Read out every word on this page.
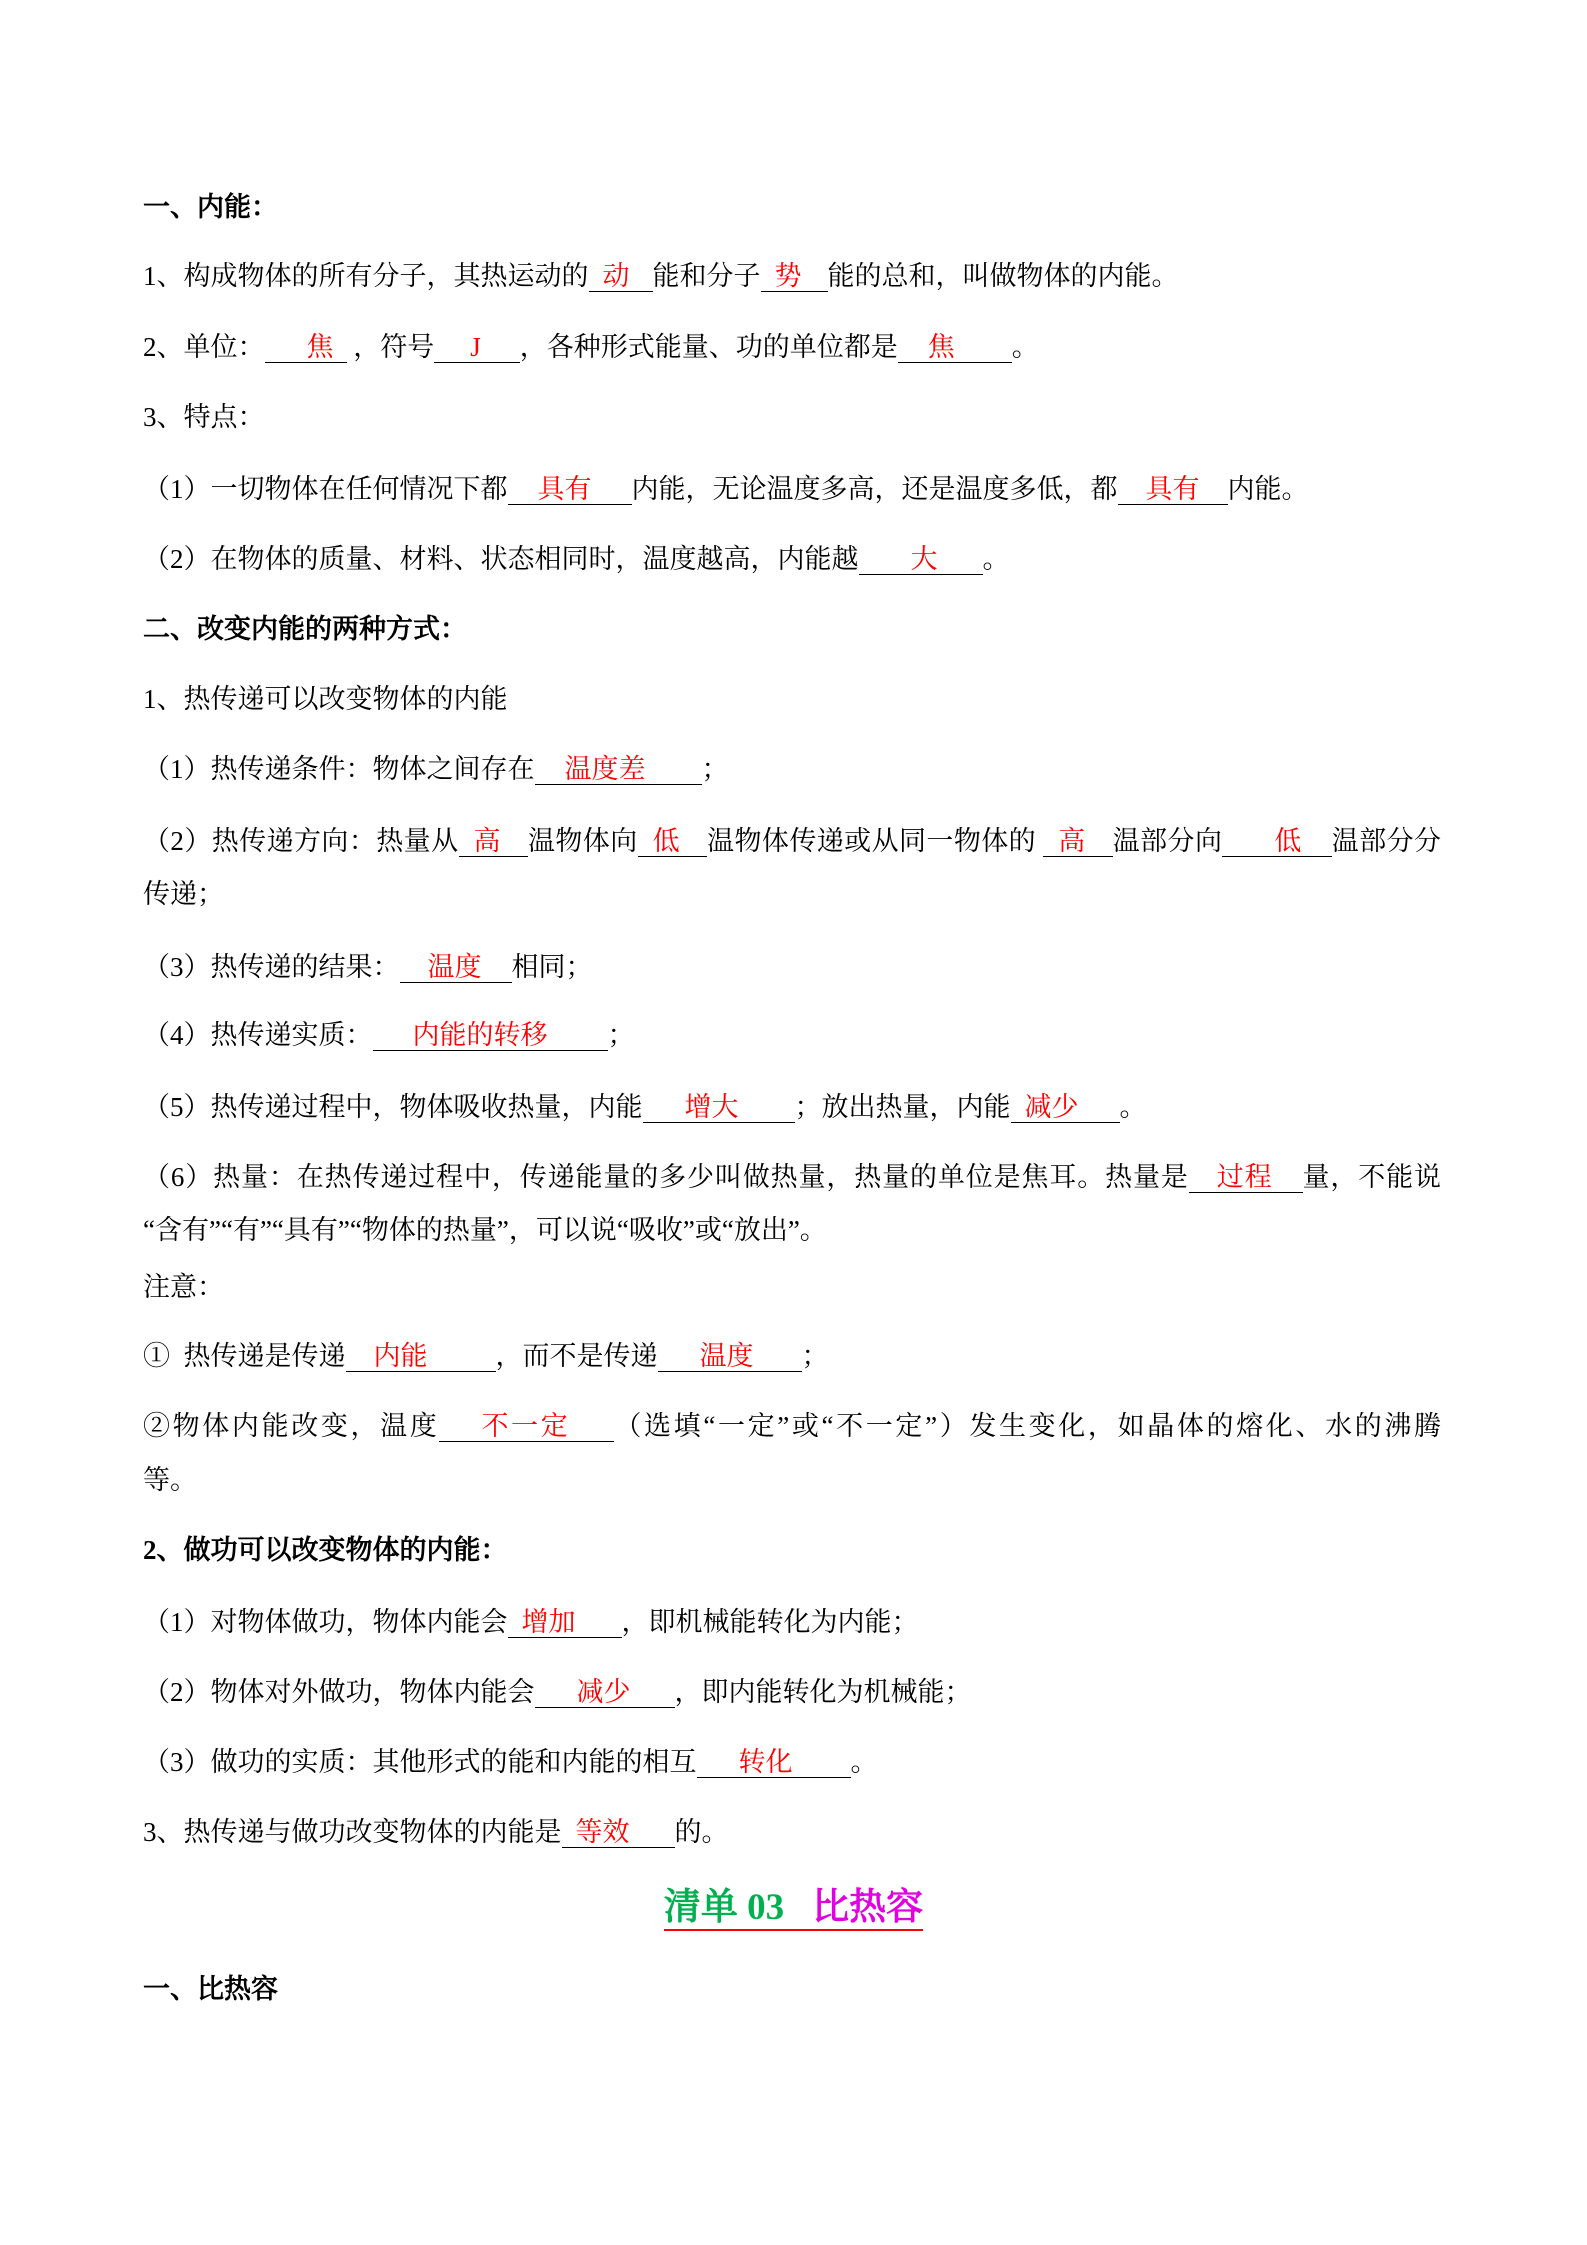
一、内能：
1、构成物体的所有分子，其热运动的 动 能和分子 势 能的总和，叫做物体的内能。
2、单位： 焦 ，符号 J ，各种形式能量、功的单位都是 焦 。
3、特点：
（1）一切物体在任何情况下都 具有 内能，无论温度多高，还是温度多低，都 具有 内能。
（2）在物体的质量、材料、状态相同时，温度越高，内能越 大 。
二、改变内能的两种方式：
1、热传递可以改变物体的内能
（1）热传递条件：物体之间存在 温度差 ；
（2）热传递方向：热量从 高 温物体向 低 温物体传递或从同一物体的 高 温部分向 低 温部分分
传递；
（3）热传递的结果： 温度 相同；
（4）热传递实质： 内能的转移 ；
（5）热传递过程中，物体吸收热量，内能 增大 ；放出热量，内能 减少 。
（6）热量：在热传递过程中，传递能量的多少叫做热量，热量的单位是焦耳。热量是 过程 量，不能说
“含有”“有”“具有”“物体的热量”，可以说“吸收”或“放出”。
注意：
①  热传递是传递 内能	，而不是传递 温度 ；
②物体内能改变，温度 不一定 （选填“一定”或“不一定”）发生变化，如晶体的熔化、水的沸腾
等。
2、做功可以改变物体的内能：
（1）对物体做功，物体内能会 增加 ，即机械能转化为内能；
（2）物体对外做功，物体内能会 减少 ，即内能转化为机械能；
（3）做功的实质：其他形式的能和内能的相互 转化 。
3、热传递与做功改变物体的内能是 等效 的。
清单 03 比热容
一、比热容
